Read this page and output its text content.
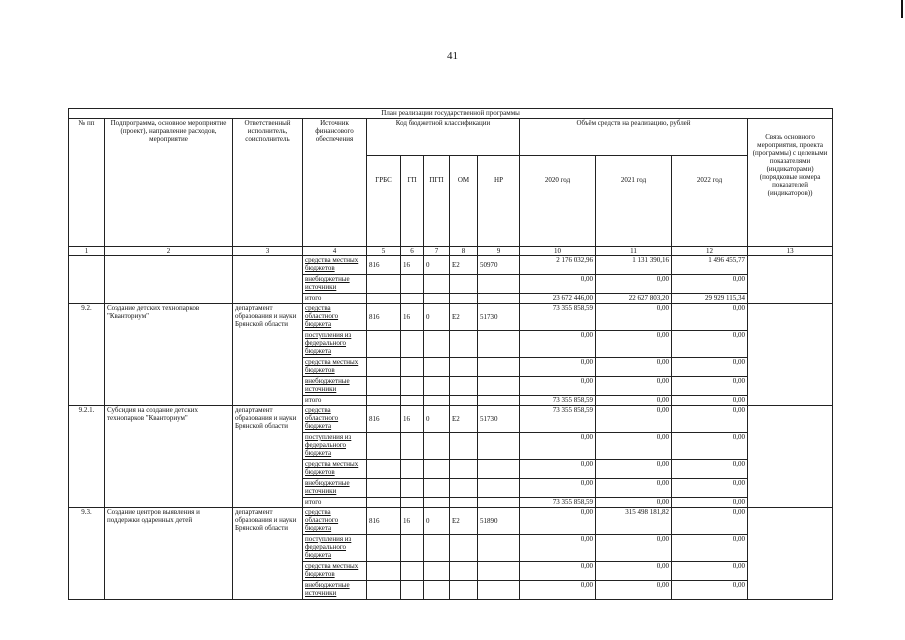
41
План реализации государственной программы												
№ пп	Подпрограмма, основное мероприятие (проект), направление расходов, мероприятие	Ответственный исполнитель, соисполнитель	Источник финансового обеспечения	Код бюджетной классификации					Объём средств на реализацию, рублей			Связь основного мероприятия, проекта (программы) с целевыми показателями (индикаторами) (порядковые номера показателей (индикаторов))
				ГРБС	ГП	ПГП	ОМ	НР	2020 год	2021 год	2022 год	
1	2	3	4	5	6	7	8	9	10	11	12	13
			средства местных бюджетов	816	16	0	Е2	50970	2 176 032,96	1 131 390,16	1 496 455,77	
			внебюджетные источники						0,00	0,00	0,00	
			итого						23 672 446,00	22 627 803,20	29 929 115,34	
9.2.	Создание детских технопарков "Кванториум"	департамент образования и науки Брянской области	средства областного бюджета	816	16	0	Е2	51730	73 355 858,59	0,00	0,00	
			поступления из федерального бюджета						0,00	0,00	0,00	
			средства местных бюджетов						0,00	0,00	0,00	
			внебюджетные источники						0,00	0,00	0,00	
			итого						73 355 858,59	0,00	0,00	
9.2.1.	Субсидия на создание детских технопарков "Кванториум"	департамент образования и науки Брянской области	средства областного бюджета	816	16	0	Е2	51730	73 355 858,59	0,00	0,00	
			поступления из федерального бюджета						0,00	0,00	0,00	
			средства местных бюджетов						0,00	0,00	0,00	
			внебюджетные источники						0,00	0,00	0,00	
			итого						73 355 858,59	0,00	0,00	
9.3.	Создание центров выявления и поддержки одаренных детей	департамент образования и науки Брянской области	средства областного бюджета	816	16	0	Е2	51890	0,00	315 498 181,82	0,00	
			поступления из федерального бюджета						0,00	0,00	0,00	
			средства местных бюджетов						0,00	0,00	0,00	
			внебюджетные источники						0,00	0,00	0,00	
